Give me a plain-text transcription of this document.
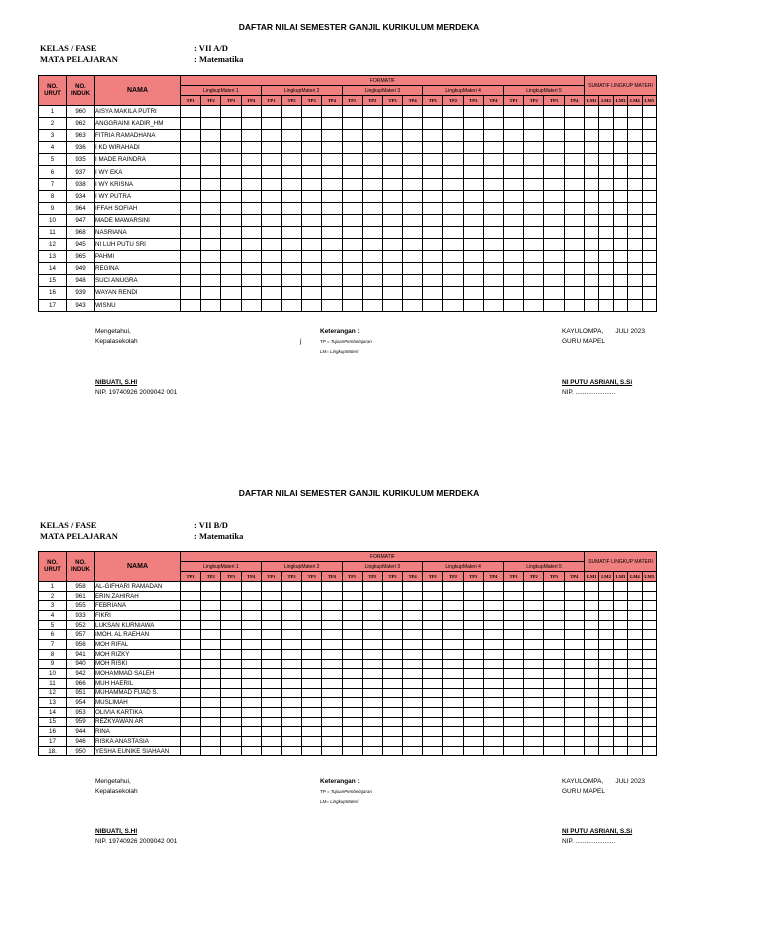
DAFTAR NILAI SEMESTER GANJIL KURIKULUM MERDEKA
KELAS / FASE	: VII A/D
MATA PELAJARAN	: Matematika
NO. URUT	NO. INDUK	NAMA	FORMATIF																				SUMATIF LINGKUP MATERI				
			LingkupMateri 1				LingkupMateri 2				LingkupMateri 3				LingkupMateri 4				LingkupMateri 5								
			TP1	TP2	TP3	TP4	TP1	TP2	TP3	TP4	TP1	TP2	TP3	TP4	TP1	TP2	TP3	TP4	TP1	TP2	TP3	TP4	LM1	LM2	LM3	LM4	LM5
1	960	AISYA MAKILA PUTRI																									
2	962	ANGGRAINI KADIR_HM																									
3	963	FITRIA RAMADHANA																									
4	936	I KD WIRAHADI																									
5	935	I MADE RAINDRA																									
6	937	I WY EKA																									
7	938	I WY KRISNA																									
8	934	I WY PUTRA																									
9	964	IFFAH SOFIAH																									
10	947	MADE MAWARSINI																									
11	968	NASRIANA																									
12	945	NI LUH PUTU SRI																									
13	965	PAHMI																									
14	949	REGINA																									
15	948	SUCI ANUGRA																									
16	939	WAYAN RENDI																									
17	943	WISNU																									
Mengetahui,
Kepalasekolah	j
Keterangan :
TP = TujuanPembelajaran
LM= LingkupMateri
KAYULOMPA, JULI 2023
GURU MAPEL
NIBUATI, S.HI
NIP. 19740926 2009042 001
NI PUTU ASRIANI, S.Si
NIP. ......................
DAFTAR NILAI SEMESTER GANJIL KURIKULUM MERDEKA
KELAS / FASE	: VII B/D
MATA PELAJARAN	: Matematika
NO. URUT	NO. INDUK	NAMA	FORMATIF																				SUMATIF LINGKUP MATERI				
			LingkupMateri 1				LingkupMateri 2				LingkupMateri 3				LingkupMateri 4				LingkupMateri 5								
			TP1	TP2	TP3	TP4	TP1	TP2	TP3	TP4	TP1	TP2	TP3	TP4	TP1	TP2	TP3	TP4	TP1	TP2	TP3	TP4	LM1	LM2	LM3	LM4	LM5
1	958	AL-GIFHARI RAMADAN																									
2	961	ERIN ZAHIRAH																									
3	955	FEBRIANA																									
4	933	FIKRI																									
5	952	LUKSAN KURNIAWA																									
6	957	IMOH. AL RAEHAN																									
7	956	MOH RIFAL																									
8	941	MOH RIZKY																									
9	940	MOH RISKI																									
10	942	MOHAMMAD SALEH																									
11	966	MUH HAERIL																									
12	951	MUHAMMAD FUAD S.																									
13	954	MUSLIMAH																									
14	953	OLIVIA KARTIKA																									
15	959	REZKYAWAN AR																									
16	944	RINA																									
17	946	RISKA ANASTASIA																									
18.	950	YESHA EUNIKE SIAHAAN																									
Mengetahui,
Kepalasekolah
Keterangan :
TP = TujuanPembelajaran
LM= LingkupMateri
KAYULOMPA, JULI 2023
GURU MAPEL
NIBUATI, S.HI
NIP. 19740926 2009042 001
NI PUTU ASRIANI, S.Si
NIP. ......................
